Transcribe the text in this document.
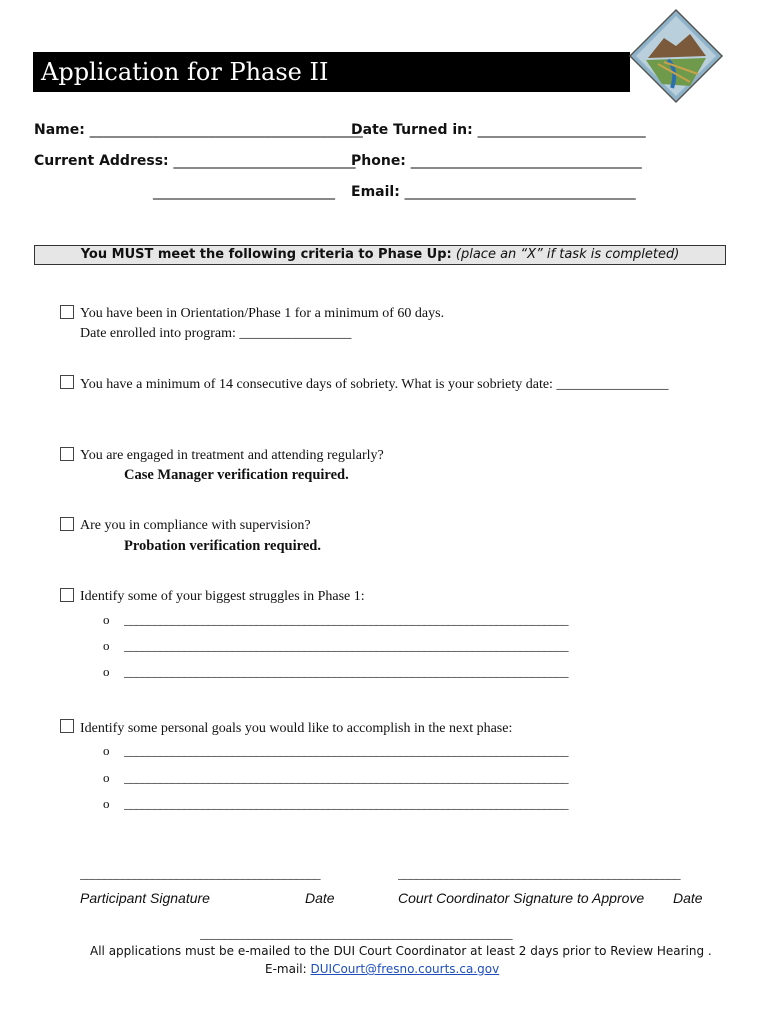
Application for Phase II
Name: _______________________________________
Date Turned in: ________________________
Current Address: __________________________
Phone: _________________________________
__________________________ Email: _________________________________
You MUST meet the following criteria to Phase Up: (place an “X” if task is completed)
You have been in Orientation/Phase 1 for a minimum of 60 days.
Date enrolled into program: ________________
You have a minimum of 14 consecutive days of sobriety. What is your sobriety date: ________________
You are engaged in treatment and attending regularly?
Case Manager verification required.
Are you in compliance with supervision?
Probation verification required.
Identify some of your biggest struggles in Phase 1:
o __________________________________________________________________________
o __________________________________________________________________________
o __________________________________________________________________________
Identify some personal goals you would like to accomplish in the next phase:
o __________________________________________________________________________
o __________________________________________________________________________
o __________________________________________________________________________
________________________________________	_______________________________________________
Participant Signature	Date	Court Coordinator Signature to Approve Date
____________________________________________________
All applications must be e-mailed to the DUI Court Coordinator at least 2 days prior to Review Hearing .
E-mail: DUICourt@fresno.courts.ca.gov
